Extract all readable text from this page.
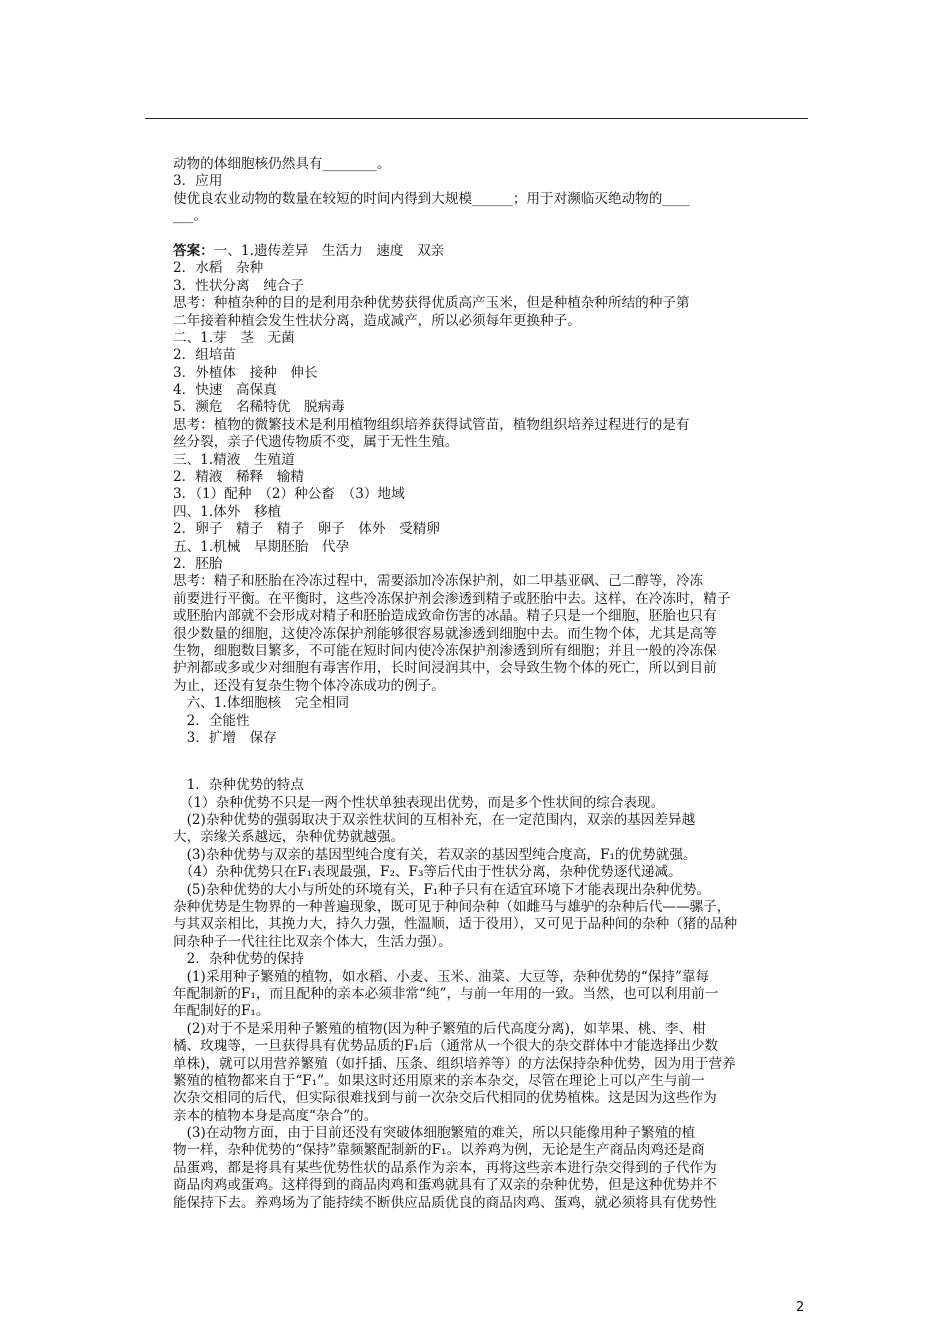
动物的体细胞核仍然具有________。
3．应用
使优良农业动物的数量在较短的时间内得到大规模______；用于对濒临灭绝动物的____
___。
答案：一、1.遗传差异　生活力　速度　双亲
2．水稻　杂种
3．性状分离　纯合子
思考：种植杂种的目的是利用杂种优势获得优质高产玉米，但是种植杂种所结的种子第
二年接着种植会发生性状分离，造成减产，所以必须每年更换种子。
二、1.芽　茎　无菌
2．组培苗
3．外植体　接种　伸长
4．快速　高保真
5．濒危　名稀特优　脱病毒
思考：植物的微繁技术是利用植物组织培养获得试管苗，植物组织培养过程进行的是有
丝分裂，亲子代遗传物质不变，属于无性生殖。
三、1.精液　生殖道
2．精液　稀释　输精
3．（1）配种　（2）种公畜　（3）地域
四、1.体外　移植
2．卵子　精子　精子　卵子　体外　受精卵
五、1.机械　早期胚胎　代孕
2．胚胎
思考：精子和胚胎在冷冻过程中，需要添加冷冻保护剂，如二甲基亚砜、己二醇等，冷冻
前要进行平衡。在平衡时，这些冷冻保护剂会渗透到精子或胚胎中去。这样，在冷冻时，精子
或胚胎内部就不会形成对精子和胚胎造成致命伤害的冰晶。精子只是一个细胞，胚胎也只有
很少数量的细胞，这使冷冻保护剂能够很容易就渗透到细胞中去。而生物个体，尤其是高等
生物，细胞数目繁多，不可能在短时间内使冷冻保护剂渗透到所有细胞；并且一般的冷冻保
护剂都或多或少对细胞有毒害作用，长时间浸润其中，会导致生物个体的死亡，所以到目前
为止，还没有复杂生物个体冷冻成功的例子。
　六、1.体细胞核　完全相同
　2．全能性
　3．扩增　保存
　1．杂种优势的特点
　（1）杂种优势不只是一两个性状单独表现出优势，而是多个性状间的综合表现。
　(2)杂种优势的强弱取决于双亲性状间的互相补充，在一定范围内，双亲的基因差异越
大，亲缘关系越远，杂种优势就越强。
　(3)杂种优势与双亲的基因型纯合度有关，若双亲的基因型纯合度高，F₁的优势就强。
　（4）杂种优势只在F₁表现最强，F₂、F₃等后代由于性状分离，杂种优势逐代递减。
　(5)杂种优势的大小与所处的环境有关，F₁种子只有在适宜环境下才能表现出杂种优势。
杂种优势是生物界的一种普遍现象，既可见于种间杂种（如雌马与雄驴的杂种后代——骡子，
与其双亲相比，其挽力大，持久力强，性温顺，适于役用），又可见于品种间的杂种（猪的品种
间杂种子一代往往比双亲个体大，生活力强）。
　2．杂种优势的保持
　(1)采用种子繁殖的植物，如水稻、小麦、玉米、油菜、大豆等，杂种优势的“保持”靠每
年配制新的F₁，而且配种的亲本必须非常“纯”，与前一年用的一致。当然，也可以利用前一
年配制好的F₁。
　(2)对于不是采用种子繁殖的植物(因为种子繁殖的后代高度分离)，如苹果、桃、李、柑
橘、玫瑰等，一旦获得具有优势品质的F₁后（通常从一个很大的杂交群体中才能选择出少数
单株)，就可以用营养繁殖（如扦插、压条、组织培养等）的方法保持杂种优势，因为用于营养
繁殖的植物都来自于“F₁”。如果这时还用原来的亲本杂交，尽管在理论上可以产生与前一
次杂交相同的后代，但实际很难找到与前一次杂交后代相同的优势植株。这是因为这些作为
亲本的植物本身是高度“杂合”的。
　(3)在动物方面，由于目前还没有突破体细胞繁殖的难关，所以只能像用种子繁殖的植
物一样，杂种优势的“保持”靠频繁配制新的F₁。以养鸡为例，无论是生产商品肉鸡还是商
品蛋鸡，都是将具有某些优势性状的品系作为亲本，再将这些亲本进行杂交得到的子代作为
商品肉鸡或蛋鸡。这样得到的商品肉鸡和蛋鸡就具有了双亲的杂种优势，但是这种优势并不
能保持下去。养鸡场为了能持续不断供应品质优良的商品肉鸡、蛋鸡，就必须将具有优势性
2
